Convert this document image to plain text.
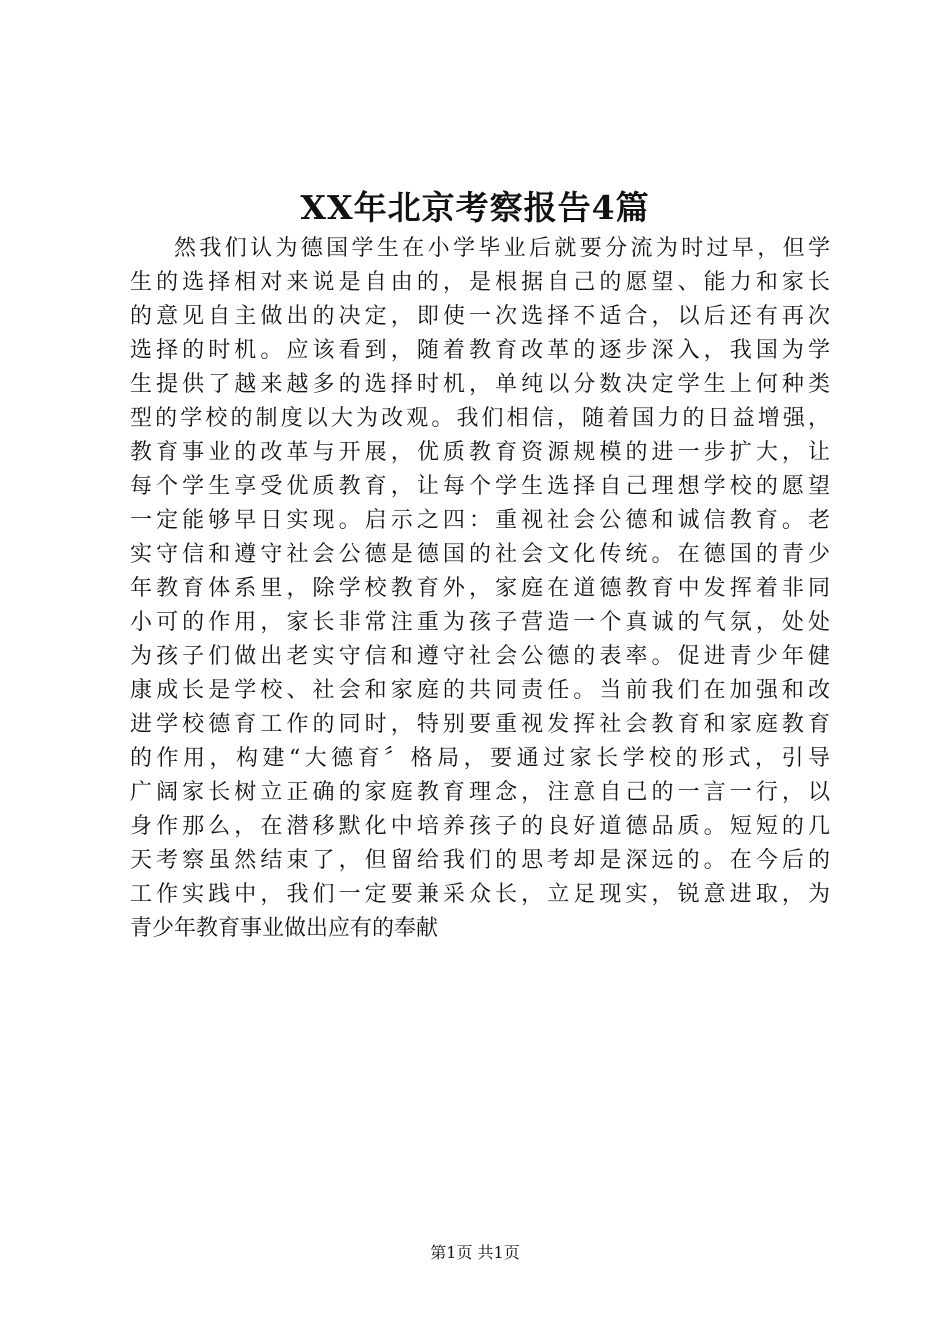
XX年北京考察报告4篇
然我们认为德国学生在小学毕业后就要分流为时过早，但学
生的选择相对来说是自由的，是根据自己的愿望、能力和家长
的意见自主做出的决定，即使一次选择不适合，以后还有再次
选择的时机。应该看到，随着教育改革的逐步深入，我国为学
生提供了越来越多的选择时机，单纯以分数决定学生上何种类
型的学校的制度以大为改观。我们相信，随着国力的日益增强，
教育事业的改革与开展，优质教育资源规模的进一步扩大，让
每个学生享受优质教育，让每个学生选择自己理想学校的愿望
一定能够早日实现。启示之四：重视社会公德和诚信教育。老
实守信和遵守社会公德是德国的社会文化传统。在德国的青少
年教育体系里，除学校教育外，家庭在道德教育中发挥着非同
小可的作用，家长非常注重为孩子营造一个真诚的气氛，处处
为孩子们做出老实守信和遵守社会公德的表率。促进青少年健
康成长是学校、社会和家庭的共同责任。当前我们在加强和改
进学校德育工作的同时，特别要重视发挥社会教育和家庭教育
的作用，构建“大德育〞格局，要通过家长学校的形式，引导
广阔家长树立正确的家庭教育理念，注意自己的一言一行，以
身作那么，在潜移默化中培养孩子的良好道德品质。短短的几
天考察虽然结束了，但留给我们的思考却是深远的。在今后的
工作实践中，我们一定要兼采众长，立足现实，锐意进取，为
青少年教育事业做出应有的奉献
第1页 共1页
